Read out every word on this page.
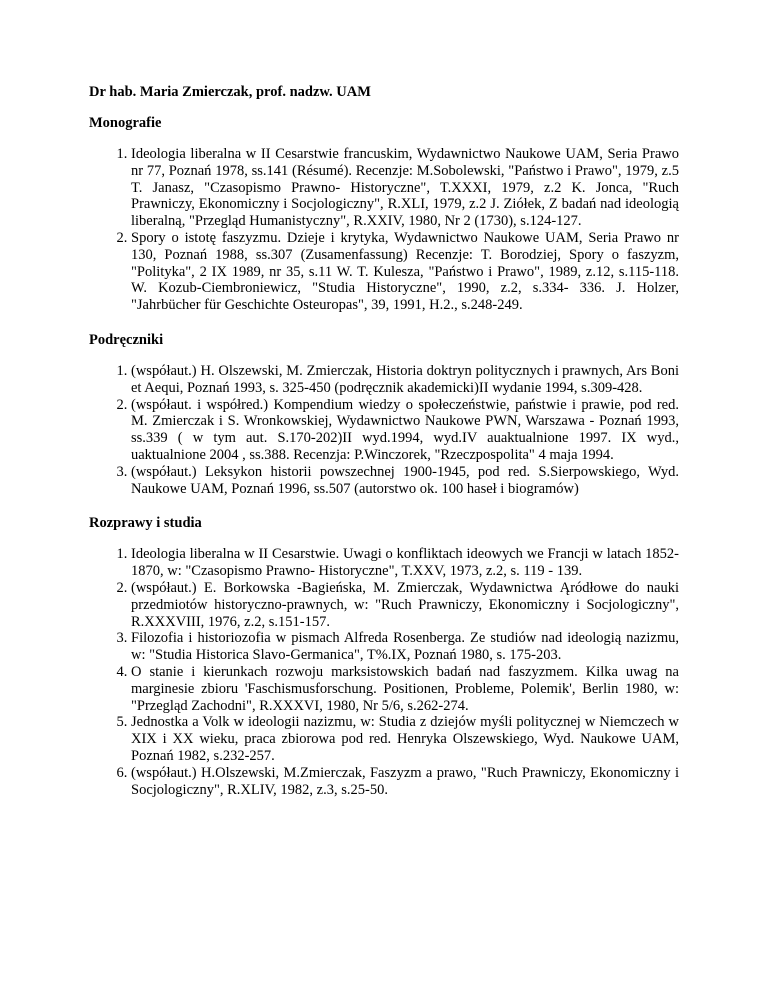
Dr hab. Maria Zmierczak, prof. nadzw. UAM

Monografie

1. Ideologia liberalna w II Cesarstwie francuskim, Wydawnictwo Naukowe UAM, Seria Prawo nr 77, Poznań 1978, ss.141 (Résumé). Recenzje: M.Sobolewski, "Państwo i Prawo", 1979, z.5 T. Janasz, "Czasopismo Prawno- Historyczne", T.XXXI, 1979, z.2 K. Jonca, "Ruch Prawniczy, Ekonomiczny i Socjologiczny", R.XLI, 1979, z.2 J. Ziółek, Z badań nad ideologią liberalną, "Przegląd Humanistyczny", R.XXIV, 1980, Nr 2 (1730), s.124-127.
2. Spory o istotę faszyzmu. Dzieje i krytyka, Wydawnictwo Naukowe UAM, Seria Prawo nr 130, Poznań 1988, ss.307 (Zusamenfassung) Recenzje: T. Borodziej, Spory o faszyzm, "Polityka", 2 IX 1989, nr 35, s.11 W. T. Kulesza, "Państwo i Prawo", 1989, z.12, s.115-118. W. Kozub-Ciembroniewicz, "Studia Historyczne", 1990, z.2, s.334- 336. J. Holzer, "Jahrbücher für Geschichte Osteuropas", 39, 1991, H.2., s.248-249.

Podręczniki

1. (współaut.) H. Olszewski, M. Zmierczak, Historia doktryn politycznych i prawnych, Ars Boni et Aequi, Poznań 1993, s. 325-450 (podręcznik akademicki)II wydanie 1994, s.309-428.
2. (współaut. i współred.) Kompendium wiedzy o społeczeństwie, państwie i prawie, pod red. M. Zmierczak i S. Wronkowskiej, Wydawnictwo Naukowe PWN, Warszawa - Poznań 1993, ss.339 ( w tym aut. S.170-202)II wyd.1994, wyd.IV auaktualnione 1997. IX wyd., uaktualnione 2004 , ss.388. Recenzja: P.Winczorek, "Rzeczpospolita" 4 maja 1994.
3. (współaut.) Leksykon historii powszechnej 1900-1945, pod red. S.Sierpowskiego, Wyd. Naukowe UAM, Poznań 1996, ss.507 (autorstwo ok. 100 haseł i biogramów)

Rozprawy i studia

1. Ideologia liberalna w II Cesarstwie. Uwagi o konfliktach ideowych we Francji w latach 1852-1870, w: "Czasopismo Prawno- Historyczne", T.XXV, 1973, z.2, s. 119 - 139.
2. (współaut.) E. Borkowska -Bagieńska, M. Zmierczak, Wydawnictwa Ąródłowe do nauki przedmiotów historyczno-prawnych, w: "Ruch Prawniczy, Ekonomiczny i Socjologiczny", R.XXXVIII, 1976, z.2, s.151-157.
3. Filozofia i historiozofia w pismach Alfreda Rosenberga. Ze studiów nad ideologią nazizmu, w: "Studia Historica Slavo-Germanica", T%.IX, Poznań 1980, s. 175-203.
4. O stanie i kierunkach rozwoju marksistowskich badań nad faszyzmem. Kilka uwag na marginesie zbioru 'Faschismusforschung. Positionen, Probleme, Polemik', Berlin 1980, w: "Przegląd Zachodni", R.XXXVI, 1980, Nr 5/6, s.262-274.
5. Jednostka a Volk w ideologii nazizmu, w: Studia z dziejów myśli politycznej w Niemczech w XIX i XX wieku, praca zbiorowa pod red. Henryka Olszewskiego, Wyd. Naukowe UAM, Poznań 1982, s.232-257.
6. (współaut.) H.Olszewski, M.Zmierczak, Faszyzm a prawo, "Ruch Prawniczy, Ekonomiczny i Socjologiczny", R.XLIV, 1982, z.3, s.25-50.
